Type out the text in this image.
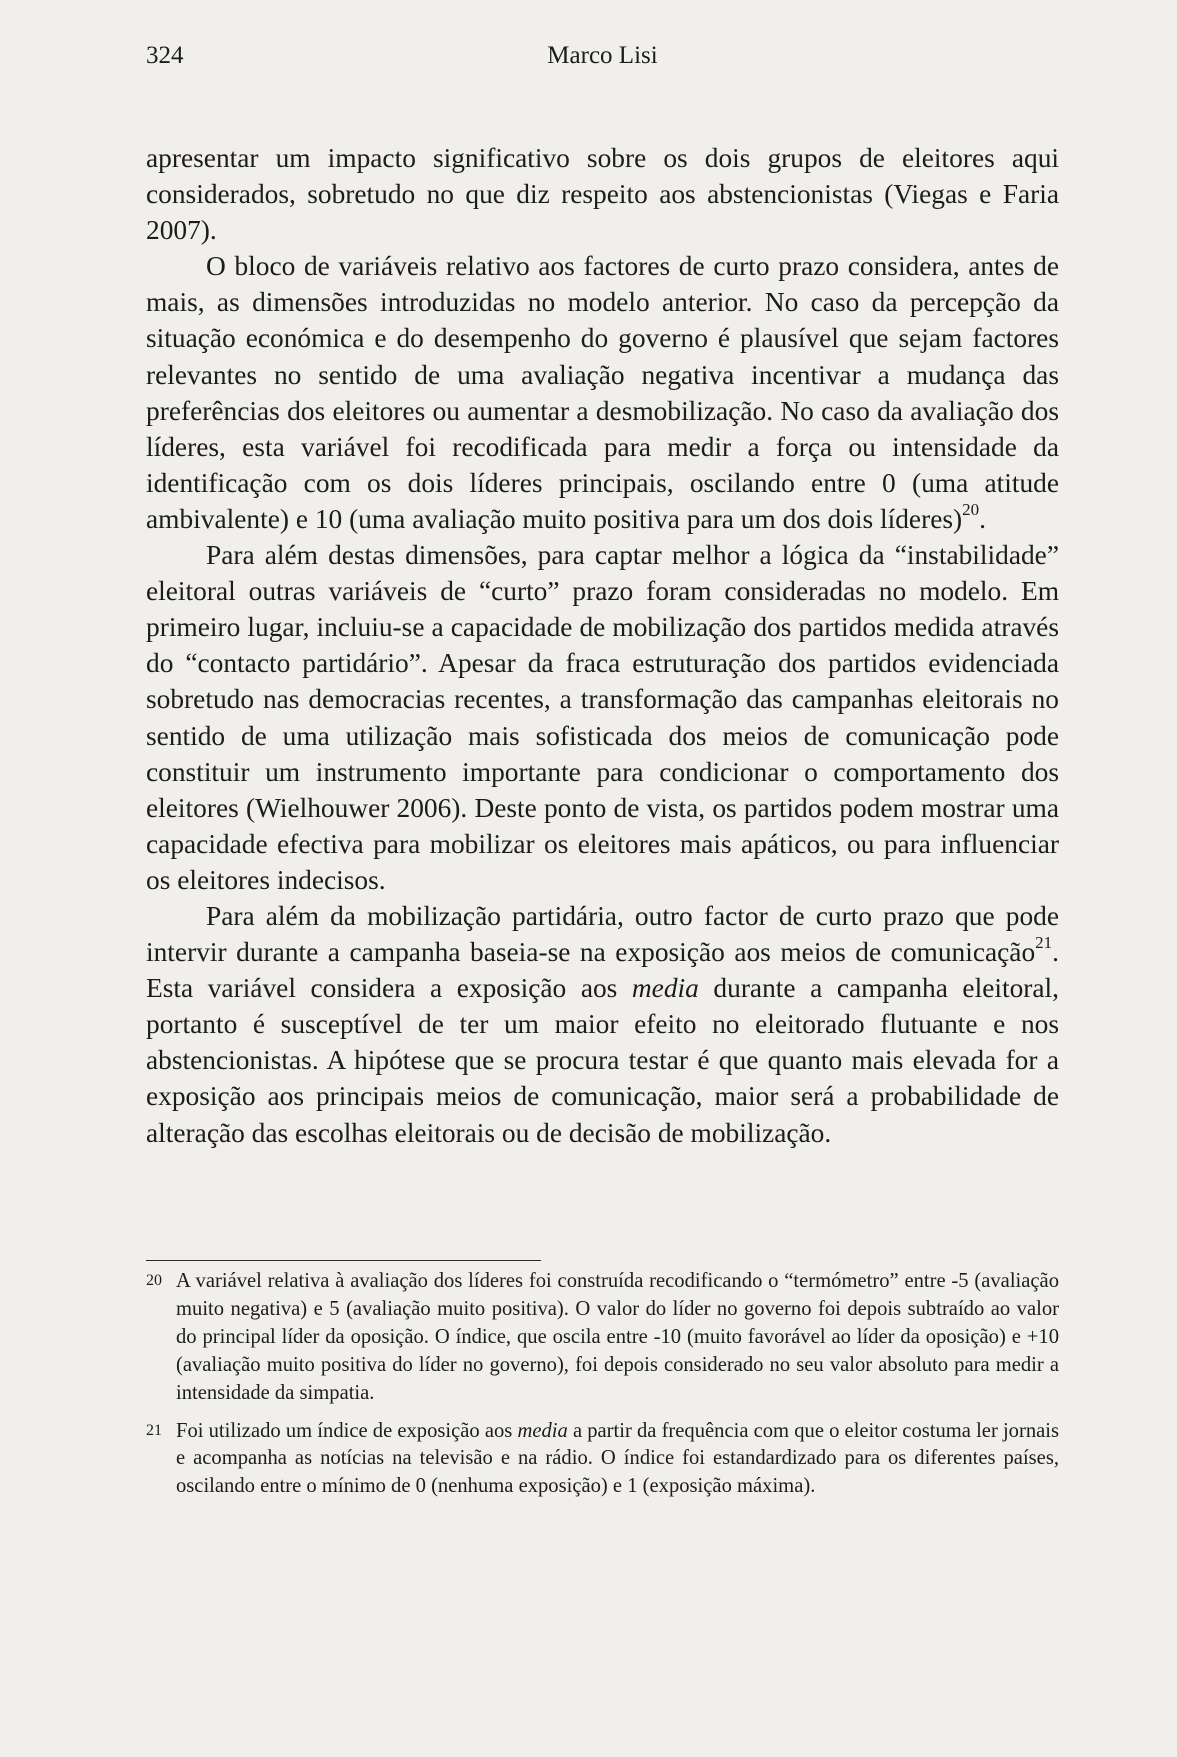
324	Marco Lisi

apresentar um impacto significativo sobre os dois grupos de eleitores aqui considerados, sobretudo no que diz respeito aos abstencionistas (Viegas e Faria 2007).

O bloco de variáveis relativo aos factores de curto prazo considera, antes de mais, as dimensões introduzidas no modelo anterior. No caso da percepção da situação económica e do desempenho do governo é plausível que sejam factores relevantes no sentido de uma avaliação negativa incentivar a mudança das preferências dos eleitores ou aumentar a desmobilização. No caso da avaliação dos líderes, esta variável foi recodificada para medir a força ou intensidade da identificação com os dois líderes principais, oscilando entre 0 (uma atitude ambivalente) e 10 (uma avaliação muito positiva para um dos dois líderes)$^{20}$.

Para além destas dimensões, para captar melhor a lógica da “instabilidade” eleitoral outras variáveis de “curto” prazo foram consideradas no modelo. Em primeiro lugar, incluiu-se a capacidade de mobilização dos partidos medida através do “contacto partidário”. Apesar da fraca estruturação dos partidos evidenciada sobretudo nas democracias recentes, a transformação das campanhas eleitorais no sentido de uma utilização mais sofisticada dos meios de comunicação pode constituir um instrumento importante para condicionar o comportamento dos eleitores (Wielhouwer 2006). Deste ponto de vista, os partidos podem mostrar uma capacidade efectiva para mobilizar os eleitores mais apáticos, ou para influenciar os eleitores indecisos.

Para além da mobilização partidária, outro factor de curto prazo que pode intervir durante a campanha baseia-se na exposição aos meios de comunicação$^{21}$. Esta variável considera a exposição aos media durante a campanha eleitoral, portanto é susceptível de ter um maior efeito no eleitorado flutuante e nos abstencionistas. A hipótese que se procura testar é que quanto mais elevada for a exposição aos principais meios de comunicação, maior será a probabilidade de alteração das escolhas eleitorais ou de decisão de mobilização.

20 A variável relativa à avaliação dos líderes foi construída recodificando o “termómetro” entre -5 (avaliação muito negativa) e 5 (avaliação muito positiva). O valor do líder no governo foi depois subtraído ao valor do principal líder da oposição. O índice, que oscila entre -10 (muito favorável ao líder da oposição) e +10 (avaliação muito positiva do líder no governo), foi depois considerado no seu valor absoluto para medir a intensidade da simpatia.
21 Foi utilizado um índice de exposição aos media a partir da frequência com que o eleitor costuma ler jornais e acompanha as notícias na televisão e na rádio. O índice foi estandardizado para os diferentes países, oscilando entre o mínimo de 0 (nenhuma exposição) e 1 (exposição máxima).
